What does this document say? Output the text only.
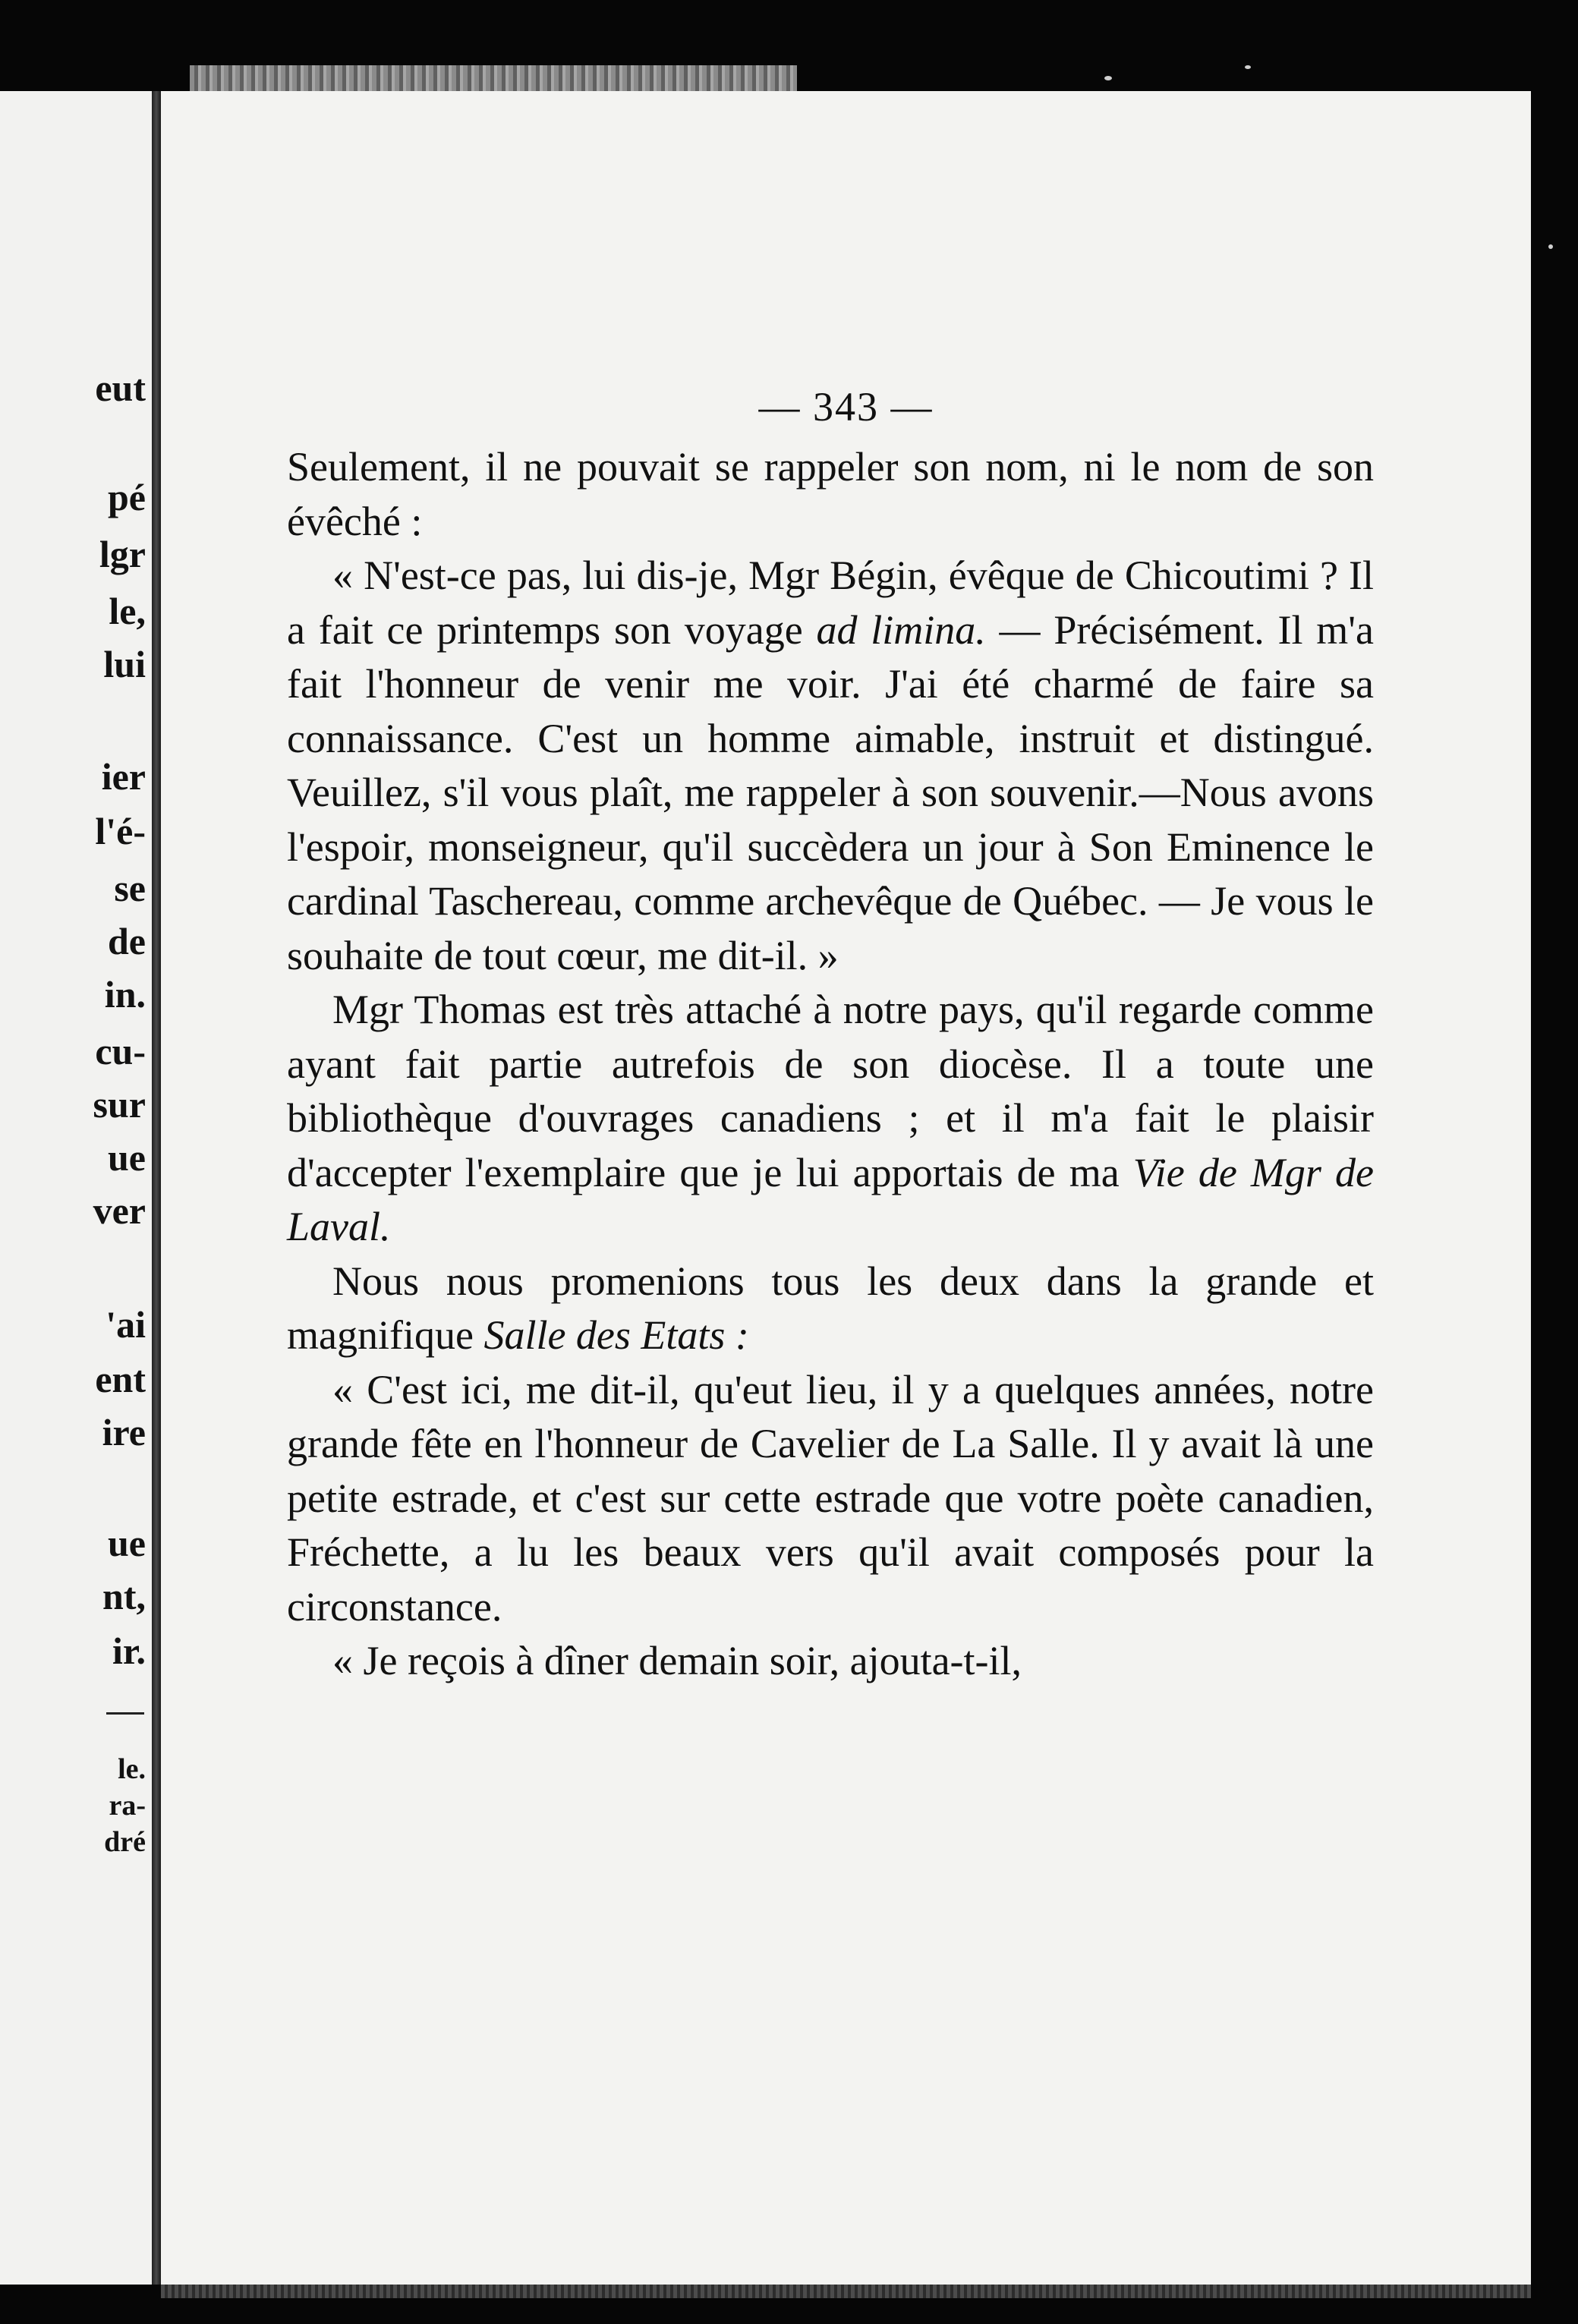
eut
pé
lgr
le,
lui
ier
l'é-
se
de
in.
cu-
sur
ue
ver
'ai
ent
ire
ue
nt,
ir.
le.
ra-
dré
— 343 —

Seulement, il ne pouvait se rappeler son nom, ni le nom de son évêché :

« N'est-ce pas, lui dis-je, Mgr Bégin, évêque de Chicoutimi ? Il a fait ce printemps son voyage ad limina. — Précisément. Il m'a fait l'honneur de venir me voir. J'ai été charmé de faire sa connaissance. C'est un homme aimable, instruit et distingué. Veuillez, s'il vous plaît, me rappeler à son souvenir.—Nous avons l'espoir, monseigneur, qu'il succèdera un jour à Son Eminence le cardinal Taschereau, comme archevêque de Québec. — Je vous le souhaite de tout cœur, me dit-il. »

Mgr Thomas est très attaché à notre pays, qu'il regarde comme ayant fait partie autrefois de son diocèse. Il a toute une bibliothèque d'ouvrages canadiens ; et il m'a fait le plaisir d'accepter l'exemplaire que je lui apportais de ma Vie de Mgr de Laval.

Nous nous promenions tous les deux dans la grande et magnifique Salle des Etats :

« C'est ici, me dit-il, qu'eut lieu, il y a quelques années, notre grande fête en l'honneur de Cavelier de La Salle. Il y avait là une petite estrade, et c'est sur cette estrade que votre poète canadien, Fréchette, a lu les beaux vers qu'il avait composés pour la circonstance.

« Je reçois à dîner demain soir, ajouta-t-il,
